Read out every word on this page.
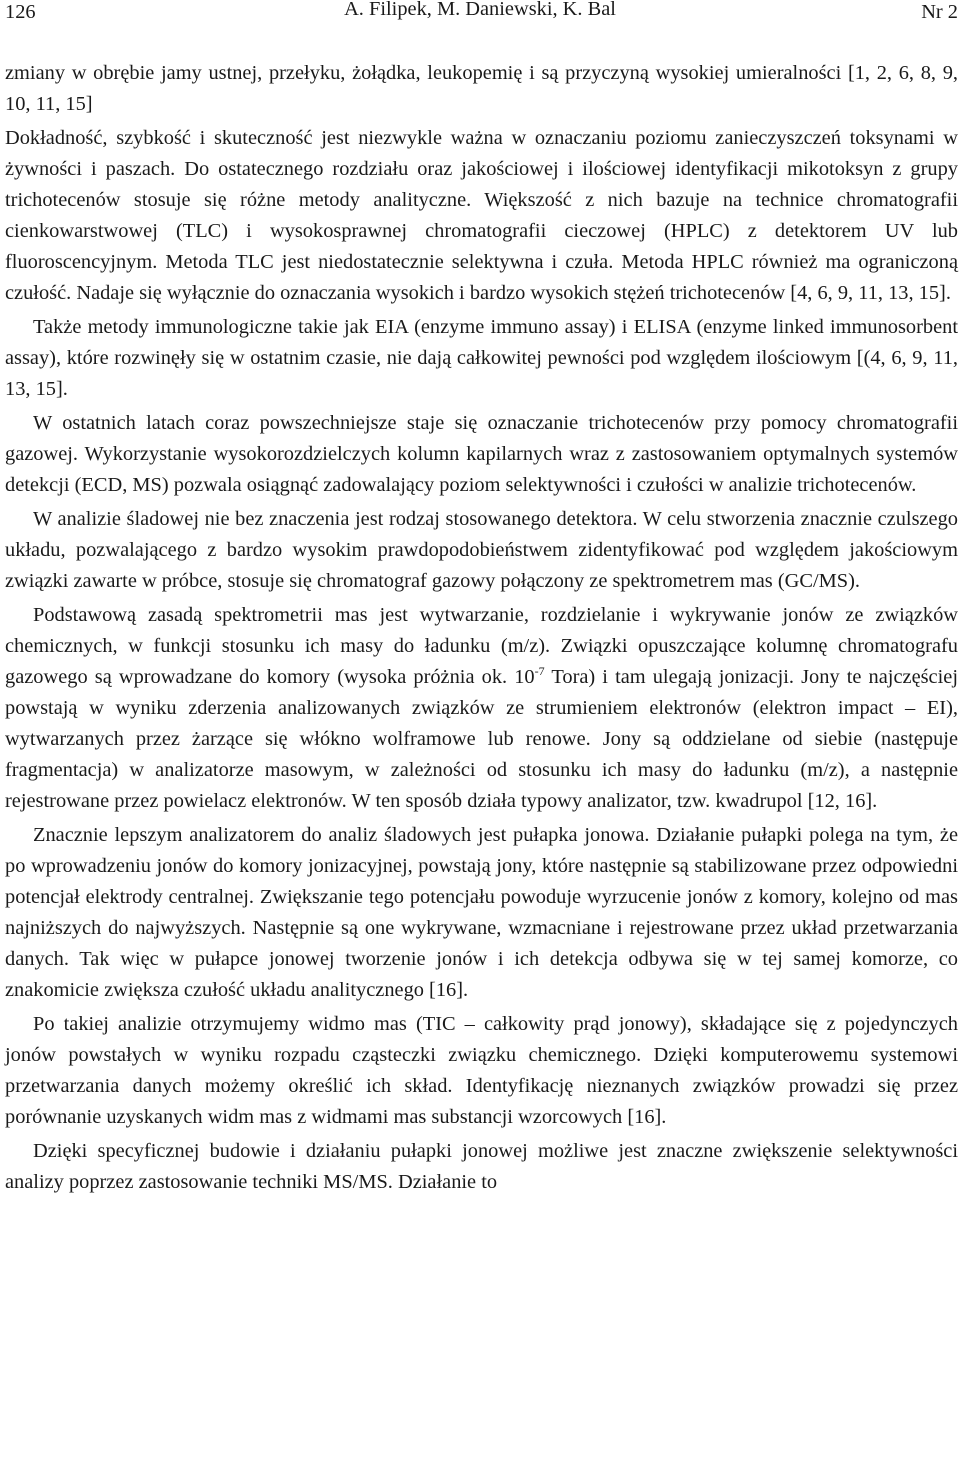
126	A. Filipek, M. Daniewski, K. Bal	Nr 2

zmiany w obrębie jamy ustnej, przełyku, żołądka, leukopemię i są przyczyną wysokiej umieralności [1, 2, 6, 8, 9, 10, 11, 15]

Dokładność, szybkość i skuteczność jest niezwykle ważna w oznaczaniu poziomu zanieczyszczeń toksynami w żywności i paszach. Do ostatecznego rozdziału oraz jakościowej i ilościowej identyfikacji mikotoksyn z grupy trichotecenów stosuje się różne metody analityczne. Większość z nich bazuje na technice chromatografii cienkowarstwowej (TLC) i wysokosprawnej chromatografii cieczowej (HPLC) z detektorem UV lub fluoroscencyjnym. Metoda TLC jest niedostatecznie selektywna i czuła. Metoda HPLC również ma ograniczoną czułość. Nadaje się wyłącznie do oznaczania wysokich i bardzo wysokich stężeń trichotecenów [4, 6, 9, 11, 13, 15].

Także metody immunologiczne takie jak EIA (enzyme immuno assay) i ELISA (enzyme linked immunosorbent assay), które rozwinęły się w ostatnim czasie, nie dają całkowitej pewności pod względem ilościowym [(4, 6, 9, 11, 13, 15].

W ostatnich latach coraz powszechniejsze staje się oznaczanie trichotecenów przy pomocy chromatografii gazowej. Wykorzystanie wysokorozdzielczych kolumn kapilarnych wraz z zastosowaniem optymalnych systemów detekcji (ECD, MS) pozwala osiągnąć zadowalający poziom selektywności i czułości w analizie trichotecenów.

W analizie śladowej nie bez znaczenia jest rodzaj stosowanego detektora. W celu stworzenia znacznie czulszego układu, pozwalającego z bardzo wysokim prawdopodobieństwem zidentyfikować pod względem jakościowym związki zawarte w próbce, stosuje się chromatograf gazowy połączony ze spektrometrem mas (GC/MS).

Podstawową zasadą spektrometrii mas jest wytwarzanie, rozdzielanie i wykrywanie jonów ze związków chemicznych, w funkcji stosunku ich masy do ładunku (m/z). Związki opuszczające kolumnę chromatografu gazowego są wprowadzane do komory (wysoka próżnia ok. $10^{-7}$ Tora) i tam ulegają jonizacji. Jony te najczęściej powstają w wyniku zderzenia analizowanych związków ze strumieniem elektronów (elektron impact – EI), wytwarzanych przez żarzące się włókno wolframowe lub renowe. Jony są oddzielane od siebie (następuje fragmentacja) w analizatorze masowym, w zależności od stosunku ich masy do ładunku (m/z), a następnie rejestrowane przez powielacz elektronów. W ten sposób działa typowy analizator, tzw. kwadrupol [12, 16].

Znacznie lepszym analizatorem do analiz śladowych jest pułapka jonowa. Działanie pułapki polega na tym, że po wprowadzeniu jonów do komory jonizacyjnej, powstają jony, które następnie są stabilizowane przez odpowiedni potencjał elektrody centralnej. Zwiększanie tego potencjału powoduje wyrzucenie jonów z komory, kolejno od mas najniższych do najwyższych. Następnie są one wykrywane, wzmacniane i rejestrowane przez układ przetwarzania danych. Tak więc w pułapce jonowej tworzenie jonów i ich detekcja odbywa się w tej samej komorze, co znakomicie zwiększa czułość układu analitycznego [16].

Po takiej analizie otrzymujemy widmo mas (TIC – całkowity prąd jonowy), składające się z pojedynczych jonów powstałych w wyniku rozpadu cząsteczki związku chemicznego. Dzięki komputerowemu systemowi przetwarzania danych możemy określić ich skład. Identyfikację nieznanych związków prowadzi się przez porównanie uzyskanych widm mas z widmami mas substancji wzorcowych [16].

Dzięki specyficznej budowie i działaniu pułapki jonowej możliwe jest znaczne zwiększenie selektywności analizy poprzez zastosowanie techniki MS/MS. Działanie to
